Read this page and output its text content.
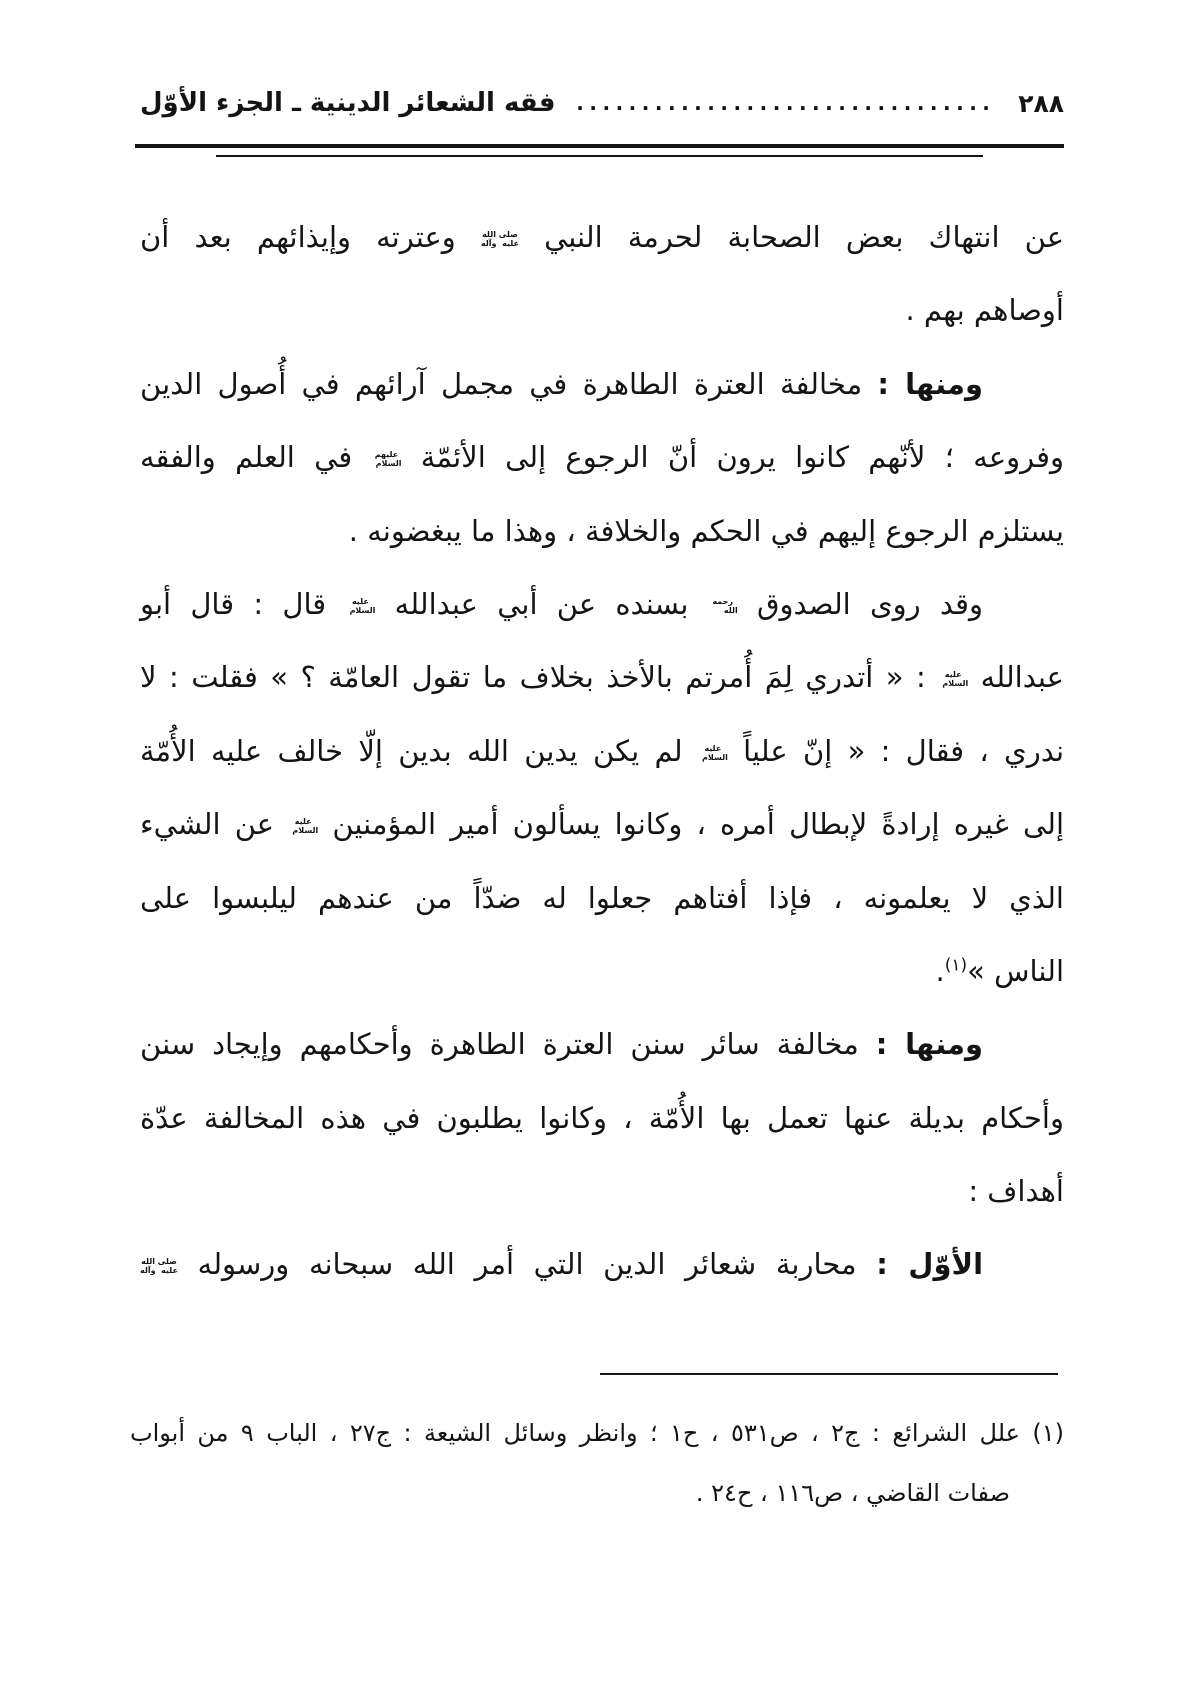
٢٨٨
................................
فقه الشعائر الدينية ـ الجزء الأوّل
عن انتهاك بعض الصحابة لحرمة النبي صلى الله عليه وآله وعترته وإيذائهم بعد أن
أوصاهم بهم .
ومنها : مخالفة العترة الطاهرة في مجمل آرائهم في أُصول الدين
وفروعه ؛ لأنّهم كانوا يرون أنّ الرجوع إلى الأئمّة عليهم السلام في العلم والفقه
يستلزم الرجوع إليهم في الحكم والخلافة ، وهذا ما يبغضونه .
وقد روى الصدوق رحمه الله بسنده عن أبي عبدالله عليه السلام قال : قال أبو
عبدالله عليه السلام : « أتدري لِمَ أُمرتم بالأخذ بخلاف ما تقول العامّة ؟ » فقلت : لا
ندري ، فقال : « إنّ علياً عليه السلام لم يكن يدين الله بدين إلّا خالف عليه الأُمّة
إلى غيره إرادةً لإبطال أمره ، وكانوا يسألون أمير المؤمنين عليه السلام عن الشيء
الذي لا يعلمونه ، فإذا أفتاهم جعلوا له ضدّاً من عندهم ليلبسوا على
الناس »$^{(١)}$.
ومنها : مخالفة سائر سنن العترة الطاهرة وأحكامهم وإيجاد سنن
وأحكام بديلة عنها تعمل بها الأُمّة ، وكانوا يطلبون في هذه المخالفة عدّة
أهداف :
الأوّل : محاربة شعائر الدين التي أمر الله سبحانه ورسوله صلى الله عليه وآله
(١) علل الشرائع : ج٢ ، ص٥٣١ ، ح١ ؛ وانظر وسائل الشيعة : ج٢٧ ، الباب ٩ من أبواب
صفات القاضي ، ص١١٦ ، ح٢٤ .
